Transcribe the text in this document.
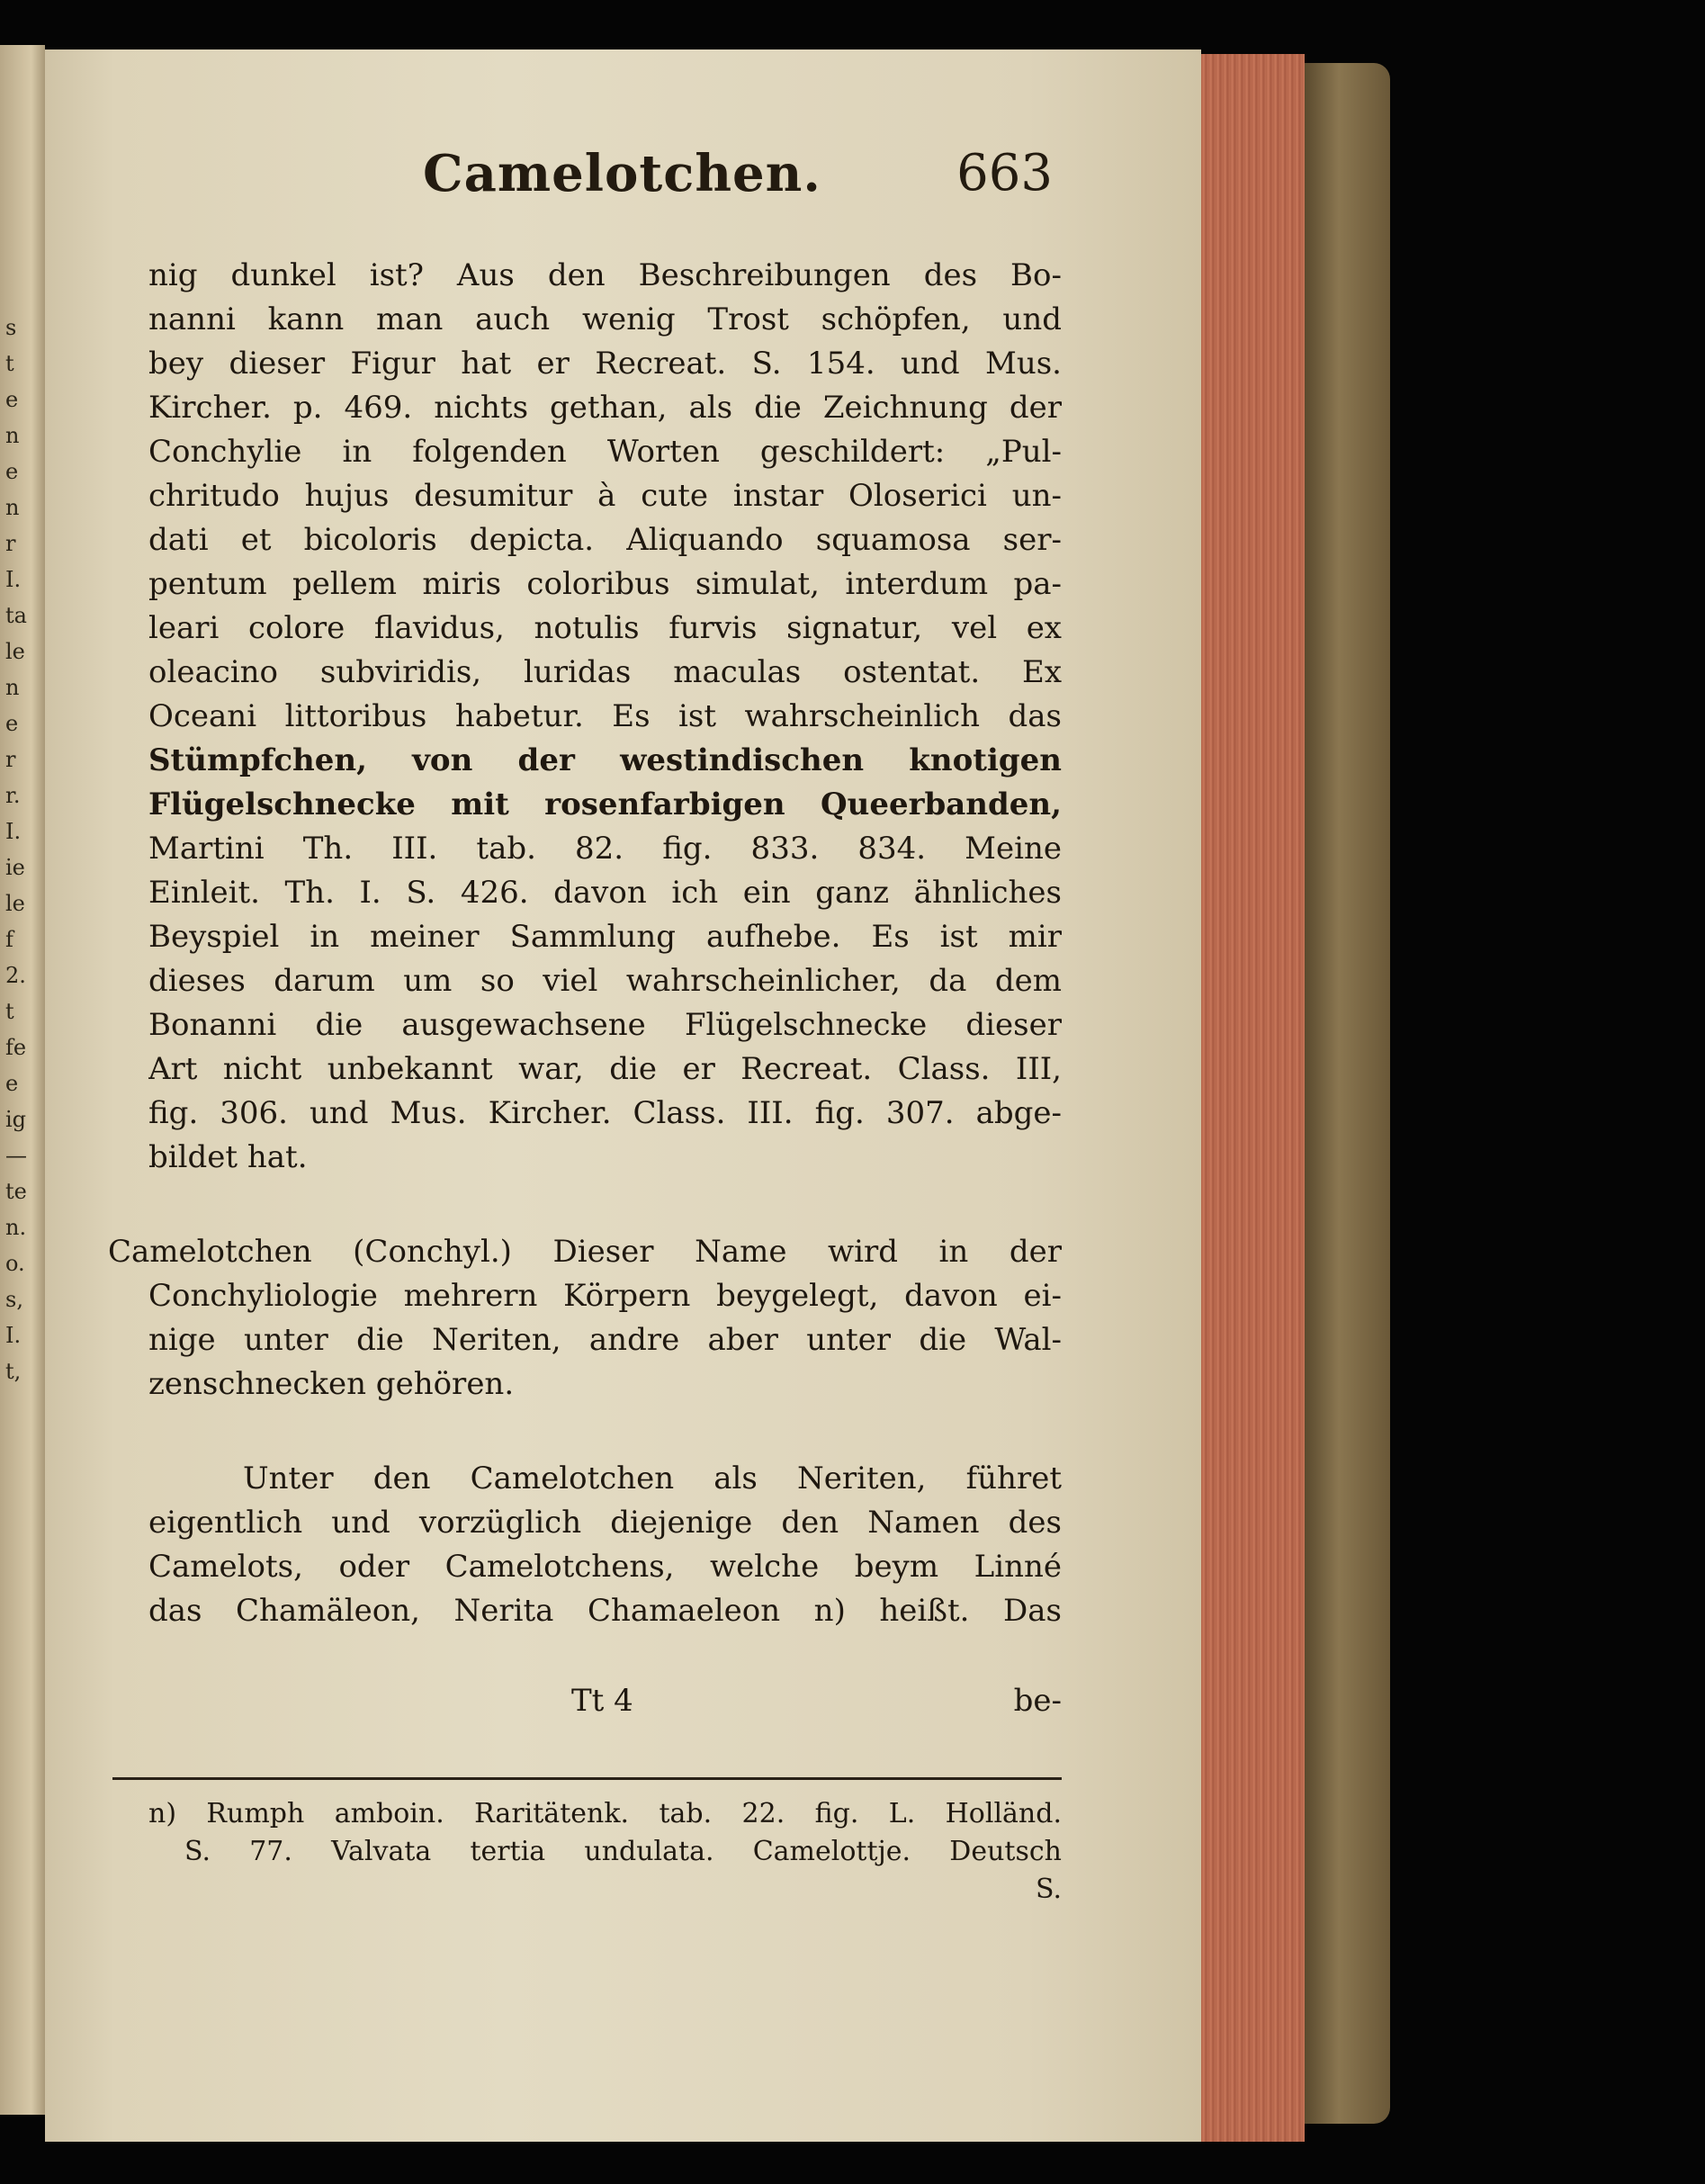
s
t
e
n
e
n
r
I.
ta
le
n
e
r
r.
I.
ie
le
f
2.
t
fe
e
ig
—
te
n.
o.
s,
I.
t,
Camelotchen.	663
nig dunkel ist? Aus den Beschreibungen des Bo-
nanni kann man auch wenig Trost schöpfen, und
bey dieser Figur hat er Recreat. S. 154. und Mus.
Kircher. p. 469. nichts gethan, als die Zeichnung der
Conchylie in folgenden Worten geschildert: „Pul-
chritudo hujus desumitur à cute instar Oloserici un-
dati et bicoloris depicta. Aliquando squamosa ser-
pentum pellem miris coloribus simulat, interdum pa-
leari colore flavidus, notulis furvis signatur, vel ex
oleacino subviridis, luridas maculas ostentat. Ex
Oceani littoribus habetur. Es ist wahrscheinlich das
Stümpfchen, von der westindischen knotigen
Flügelschnecke mit rosenfarbigen Queerbanden,
Martini Th. III. tab. 82. fig. 833. 834. Meine
Einleit. Th. I. S. 426. davon ich ein ganz ähnliches
Beyspiel in meiner Sammlung aufhebe. Es ist mir
dieses darum um so viel wahrscheinlicher, da dem
Bonanni die ausgewachsene Flügelschnecke dieser
Art nicht unbekannt war, die er Recreat. Class. III,
fig. 306. und Mus. Kircher. Class. III. fig. 307. abge-
bildet hat.
Camelotchen (Conchyl.) Dieser Name wird in der
Conchyliologie mehrern Körpern beygelegt, davon ei-
nige unter die Neriten, andre aber unter die Wal-
zenschnecken gehören.
Unter den Camelotchen als Neriten, führet
eigentlich und vorzüglich diejenige den Namen des
Camelots, oder Camelotchens, welche beym Linné
das Chamäleon, Nerita Chamaeleon n) heißt. Das
Tt 4	be-
n) Rumph amboin. Raritätenk. tab. 22. fig. L. Holländ.
S. 77. Valvata tertia undulata. Camelottje. Deutsch
S.
